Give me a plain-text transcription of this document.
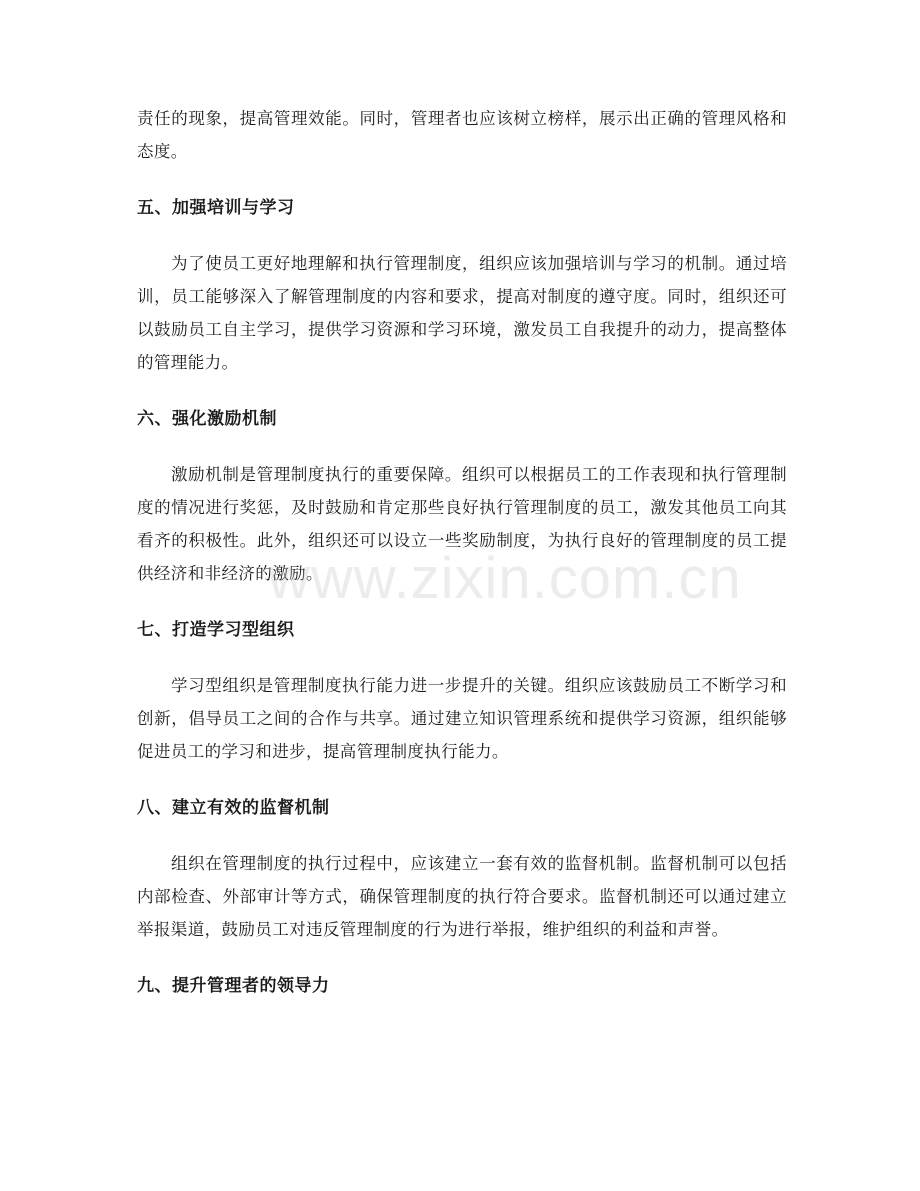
责任的现象，提高管理效能。同时，管理者也应该树立榜样，展示出正确的管理风格和态度。

五、加强培训与学习

为了使员工更好地理解和执行管理制度，组织应该加强培训与学习的机制。通过培训，员工能够深入了解管理制度的内容和要求，提高对制度的遵守度。同时，组织还可以鼓励员工自主学习，提供学习资源和学习环境，激发员工自我提升的动力，提高整体的管理能力。

六、强化激励机制

激励机制是管理制度执行的重要保障。组织可以根据员工的工作表现和执行管理制度的情况进行奖惩，及时鼓励和肯定那些良好执行管理制度的员工，激发其他员工向其看齐的积极性。此外，组织还可以设立一些奖励制度，为执行良好的管理制度的员工提供经济和非经济的激励。

七、打造学习型组织

学习型组织是管理制度执行能力进一步提升的关键。组织应该鼓励员工不断学习和创新，倡导员工之间的合作与共享。通过建立知识管理系统和提供学习资源，组织能够促进员工的学习和进步，提高管理制度执行能力。

八、建立有效的监督机制

组织在管理制度的执行过程中，应该建立一套有效的监督机制。监督机制可以包括内部检查、外部审计等方式，确保管理制度的执行符合要求。监督机制还可以通过建立举报渠道，鼓励员工对违反管理制度的行为进行举报，维护组织的利益和声誉。

九、提升管理者的领导力

www.zixin.com.cn
